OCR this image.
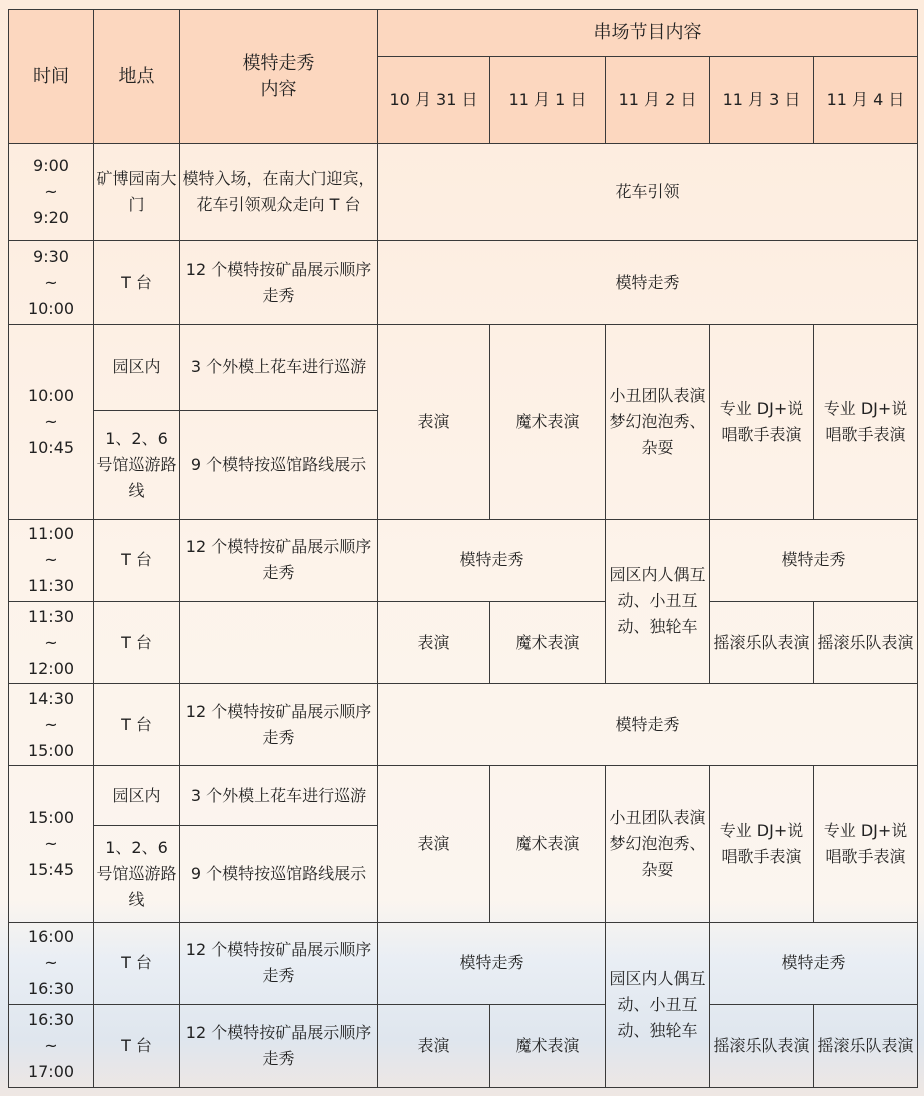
时间	地点	模特走秀
内容	串场节目内容				
			10 月 31 日	11 月 1 日	11 月 2 日	11 月 3 日	11 月 4 日
9:00
~
9:20	矿博园南大门	模特入场，在南大门迎宾，花车引领观众走向 T 台	花车引领				
9:30
~
10:00	T 台	12 个模特按矿晶展示顺序走秀	模特走秀				
10:00
~
10:45	园区内	3 个外模上花车进行巡游	表演	魔术表演	小丑团队表演梦幻泡泡秀、杂耍	专业 DJ+说唱歌手表演	专业 DJ+说唱歌手表演
	1、2、6 号馆巡游路线	9 个模特按巡馆路线展示					
11:00
~
11:30	T 台	12 个模特按矿晶展示顺序走秀	模特走秀		园区内人偶互动、小丑互动、独轮车	模特走秀	
11:30
~
12:00	T 台		表演	魔术表演		摇滚乐队表演	摇滚乐队表演
14:30
~
15:00	T 台	12 个模特按矿晶展示顺序走秀	模特走秀				
15:00
~
15:45	园区内	3 个外模上花车进行巡游	表演	魔术表演	小丑团队表演梦幻泡泡秀、杂耍	专业 DJ+说唱歌手表演	专业 DJ+说唱歌手表演
	1、2、6 号馆巡游路线	9 个模特按巡馆路线展示					
16:00
~
16:30	T 台	12 个模特按矿晶展示顺序走秀	模特走秀		园区内人偶互动、小丑互动、独轮车	模特走秀	
16:30
~
17:00	T 台	12 个模特按矿晶展示顺序走秀	表演	魔术表演		摇滚乐队表演	摇滚乐队表演
